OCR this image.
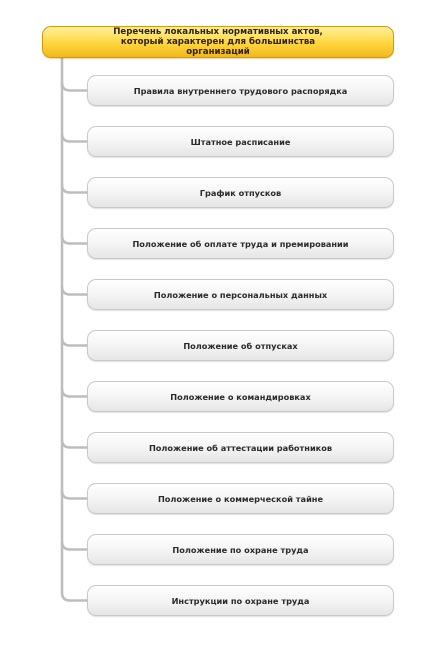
Перечень локальных нормативных актов, который характерен для большинства организаций
Правила внутреннего трудового распорядка
Штатное расписание
График отпусков
Положение об оплате труда и премировании
Положение о персональных данных
Положение об отпусках
Положение о командировках
Положение об аттестации работников
Положение о коммерческой тайне
Положение по охране труда
Инструкции по охране труда
